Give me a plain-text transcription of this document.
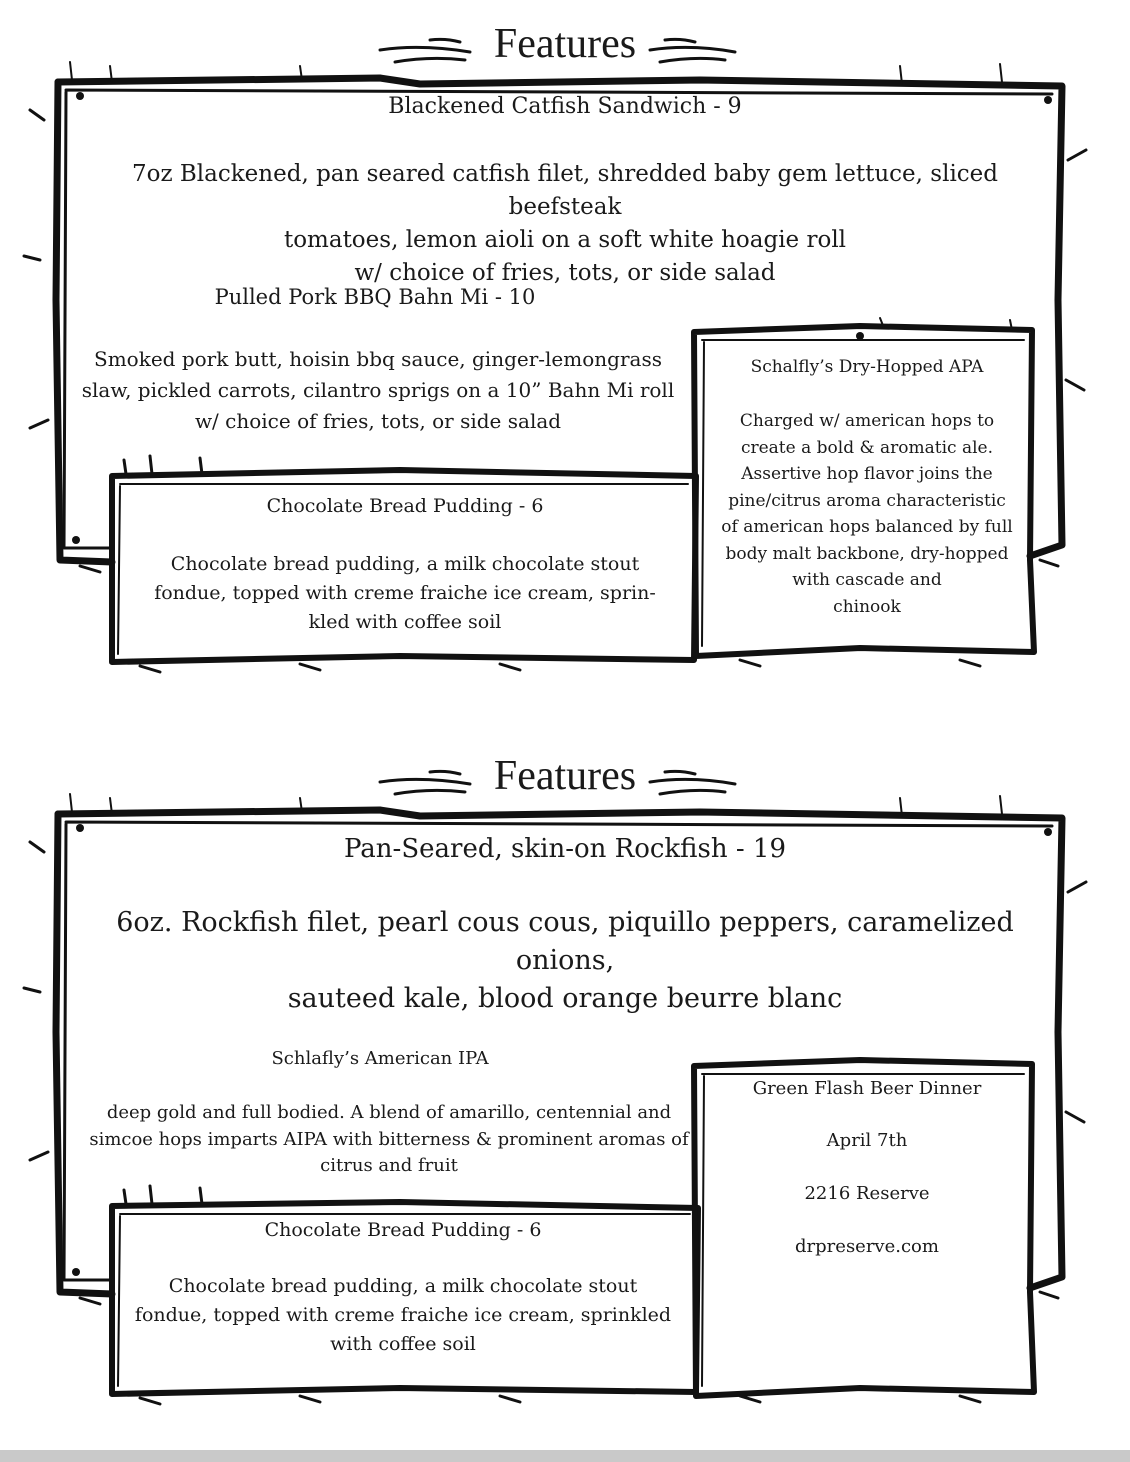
Features
Blackened Catfish Sandwich - 9
7oz Blackened, pan seared catfish filet, shredded baby gem lettuce, sliced beefsteak
tomatoes, lemon aioli on a soft white hoagie roll
w/ choice of fries, tots, or side salad
Pulled Pork BBQ Bahn Mi - 10
Smoked pork butt, hoisin bbq sauce, ginger-lemongrass
slaw, pickled carrots, cilantro sprigs on a 10” Bahn Mi roll
w/ choice of fries, tots, or side salad
Chocolate Bread Pudding - 6
Chocolate bread pudding, a milk chocolate stout
fondue, topped with creme fraiche ice cream, sprin-
kled with coffee soil
Schalfly’s Dry-Hopped APA
Charged w/ american hops to
create a bold & aromatic ale.
Assertive hop flavor joins the
pine/citrus aroma characteristic
of american hops balanced by full
body malt backbone, dry-hopped
with cascade and
chinook
Features
Pan-Seared, skin-on Rockfish - 19
6oz. Rockfish filet, pearl cous cous, piquillo peppers, caramelized onions,
sauteed kale, blood orange beurre blanc
Schlafly’s American IPA
deep gold and full bodied. A blend of amarillo, centennial and
simcoe hops imparts AIPA with bitterness & prominent aromas of
citrus and fruit
Chocolate Bread Pudding - 6
Chocolate bread pudding, a milk chocolate stout
fondue, topped with creme fraiche ice cream, sprinkled
with coffee soil
Green Flash Beer Dinner
April 7th

2216 Reserve

drpreserve.com
